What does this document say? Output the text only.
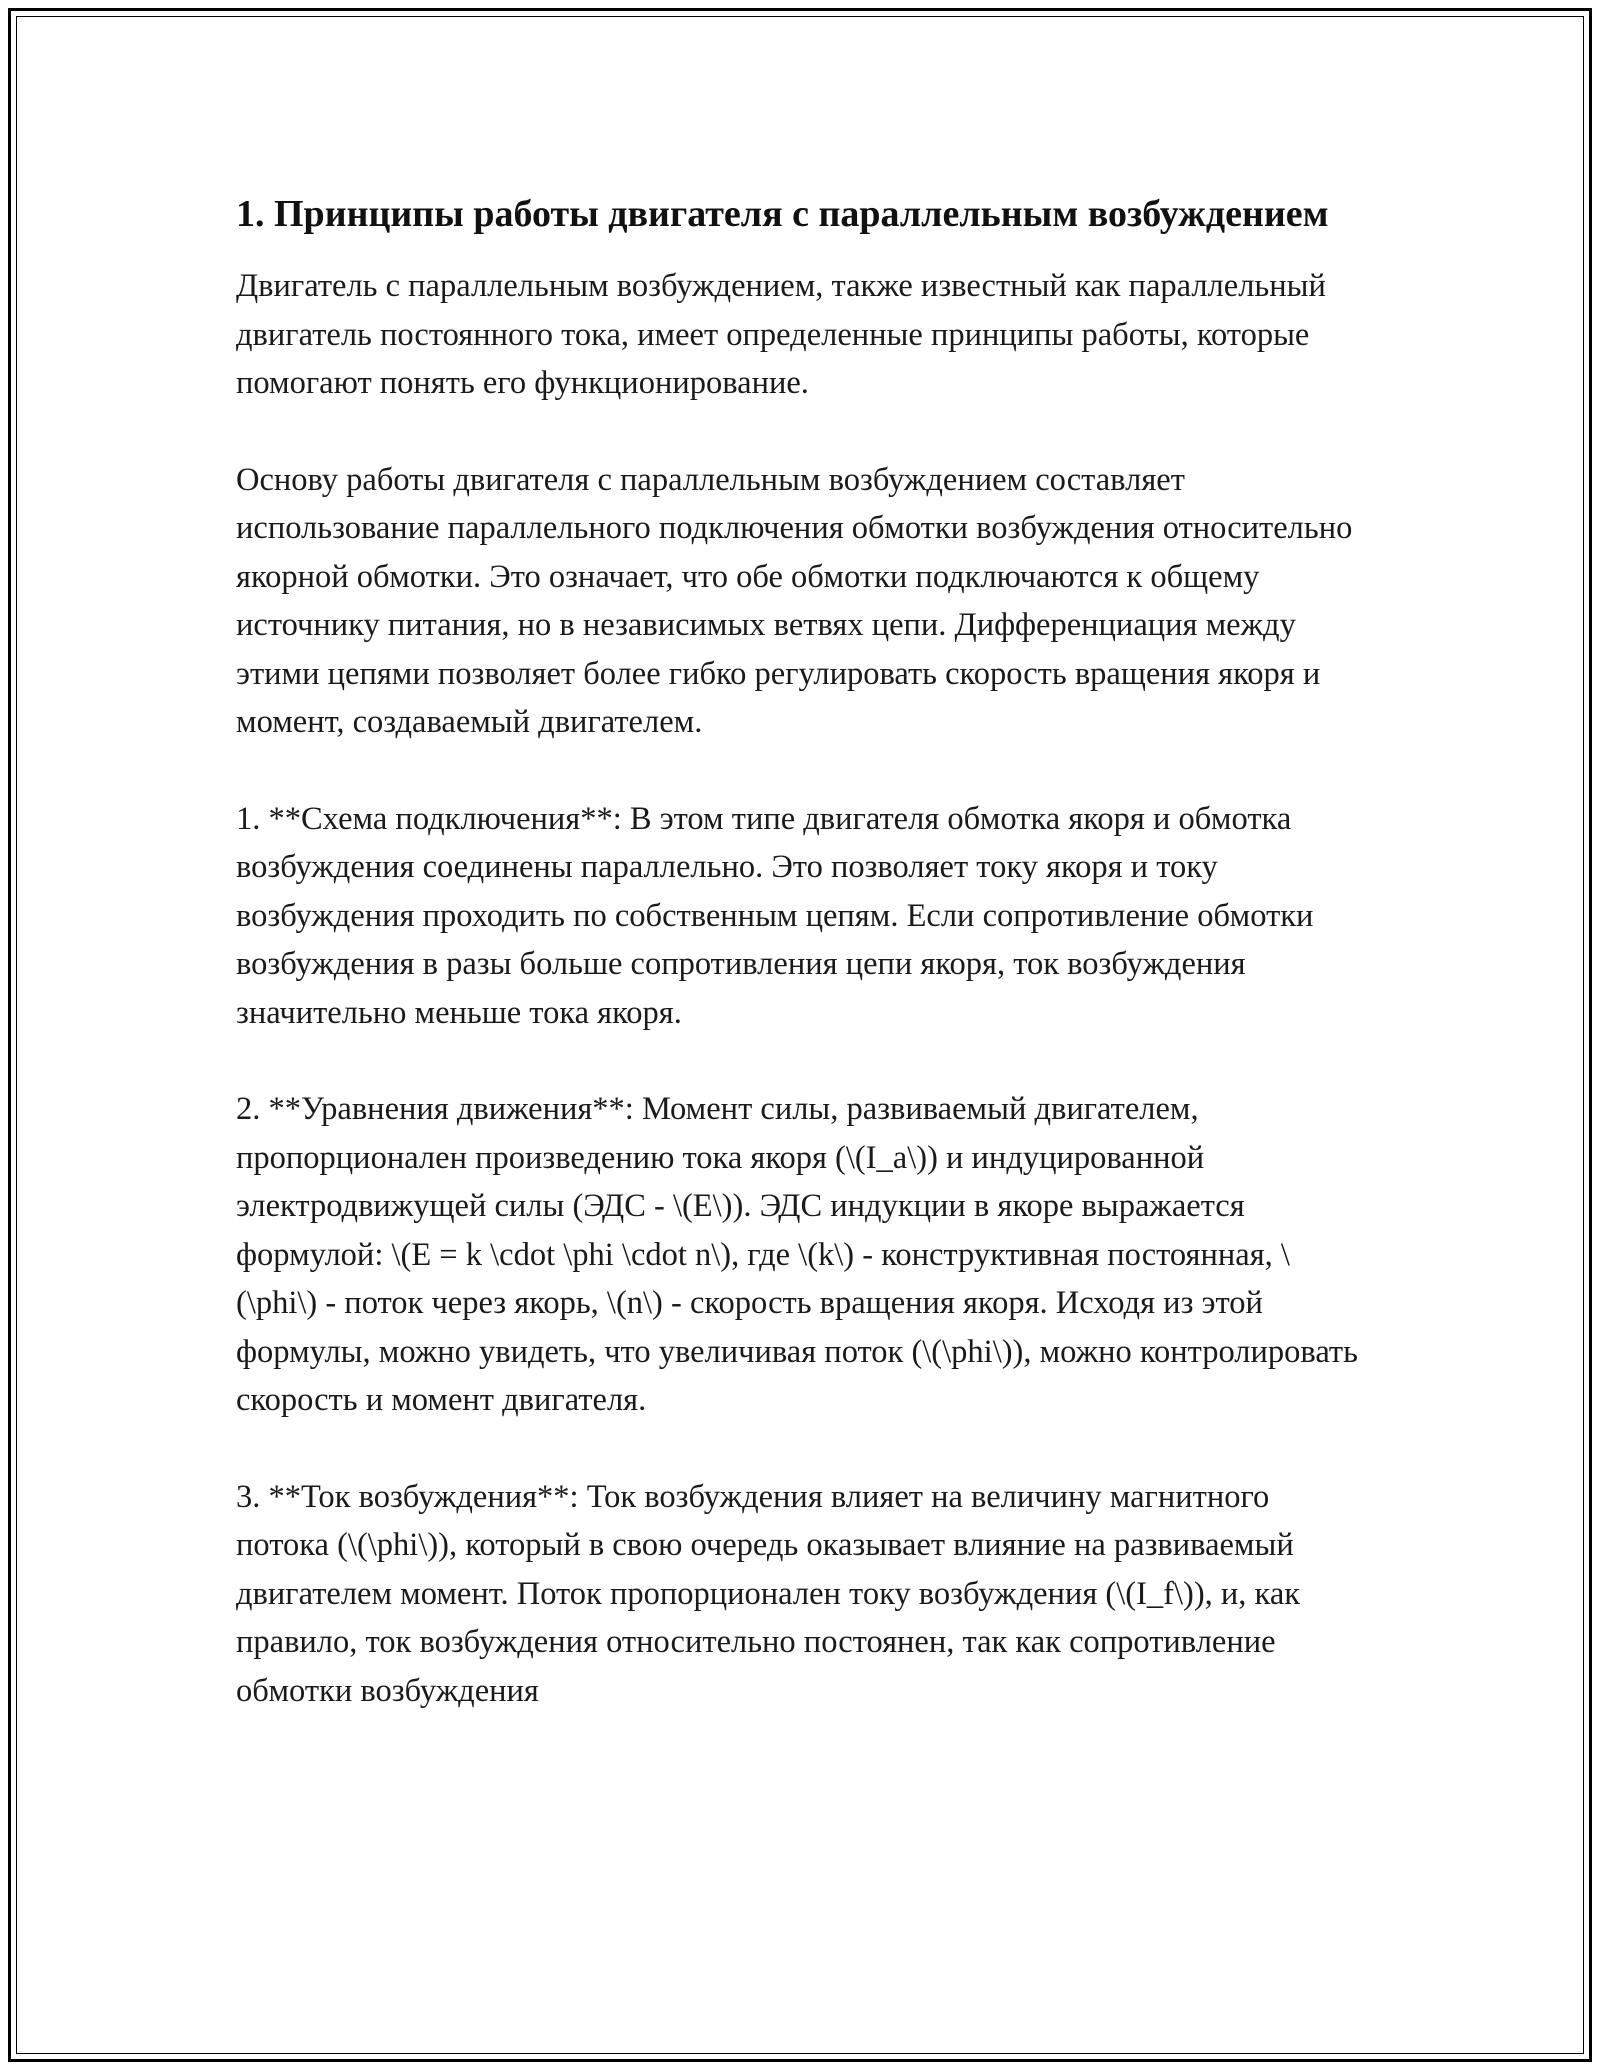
1. Принципы работы двигателя с параллельным возбуждением

Двигатель с параллельным возбуждением, также известный как параллельный двигатель постоянного тока, имеет определенные принципы работы, которые помогают понять его функционирование.

Основу работы двигателя с параллельным возбуждением составляет использование параллельного подключения обмотки возбуждения относительно якорной обмотки. Это означает, что обе обмотки подключаются к общему источнику питания, но в независимых ветвях цепи. Дифференциация между этими цепями позволяет более гибко регулировать скорость вращения якоря и момент, создаваемый двигателем.

1. **Схема подключения**: В этом типе двигателя обмотка якоря и обмотка возбуждения соединены параллельно. Это позволяет току якоря и току возбуждения проходить по собственным цепям. Если сопротивление обмотки возбуждения в разы больше сопротивления цепи якоря, ток возбуждения значительно меньше тока якоря.

2. **Уравнения движения**: Момент силы, развиваемый двигателем, пропорционален произведению тока якоря (\(I_a\)) и индуцированной электродвижущей силы (ЭДС - \(E\)). ЭДС индукции в якоре выражается формулой: \(E = k \cdot \phi \cdot n\), где \(k\) - конструктивная постоянная, \(\phi\) - поток через якорь, \(n\) - скорость вращения якоря. Исходя из этой формулы, можно увидеть, что увеличивая поток (\(\phi\)), можно контролировать скорость и момент двигателя.

3. **Ток возбуждения**: Ток возбуждения влияет на величину магнитного потока (\(\phi\)), который в свою очередь оказывает влияние на развиваемый двигателем момент. Поток пропорционален току возбуждения (\(I_f\)), и, как правило, ток возбуждения относительно постоянен, так как сопротивление обмотки возбуждения
